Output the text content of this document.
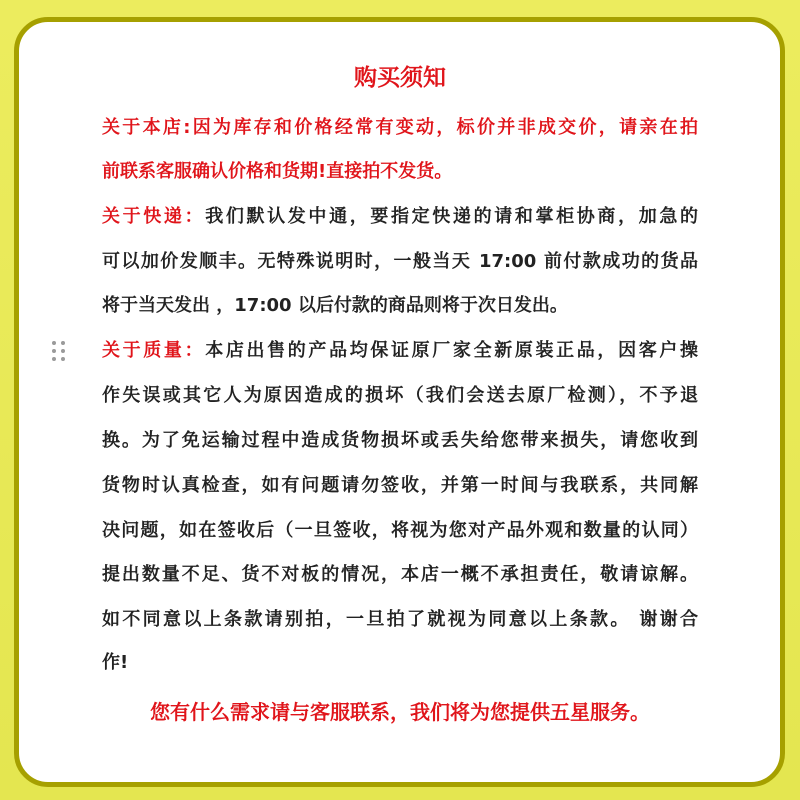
购买须知
关于本店:因为库存和价格经常有变动，标价并非成交价，请亲在拍
前联系客服确认价格和货期!直接拍不发货。
关于快递：我们默认发中通，要指定快递的请和掌柜协商，加急的
可以加价发顺丰。无特殊说明时，一般当天 17:00 前付款成功的货品
将于当天发出 ，17:00 以后付款的商品则将于次日发出。
关于质量：本店出售的产品均保证原厂家全新原装正品，因客户操
作失误或其它人为原因造成的损坏（我们会送去原厂检测），不予退
换。为了免运输过程中造成货物损坏或丢失给您带来损失，请您收到
货物时认真检查，如有问题请勿签收，并第一时间与我联系，共同解
决问题，如在签收后（一旦签收，将视为您对产品外观和数量的认同）
提出数量不足、货不对板的情况，本店一概不承担责任，敬请谅解。
如不同意以上条款请别拍，一旦拍了就视为同意以上条款。 谢谢合
作!
您有什么需求请与客服联系，我们将为您提供五星服务。
